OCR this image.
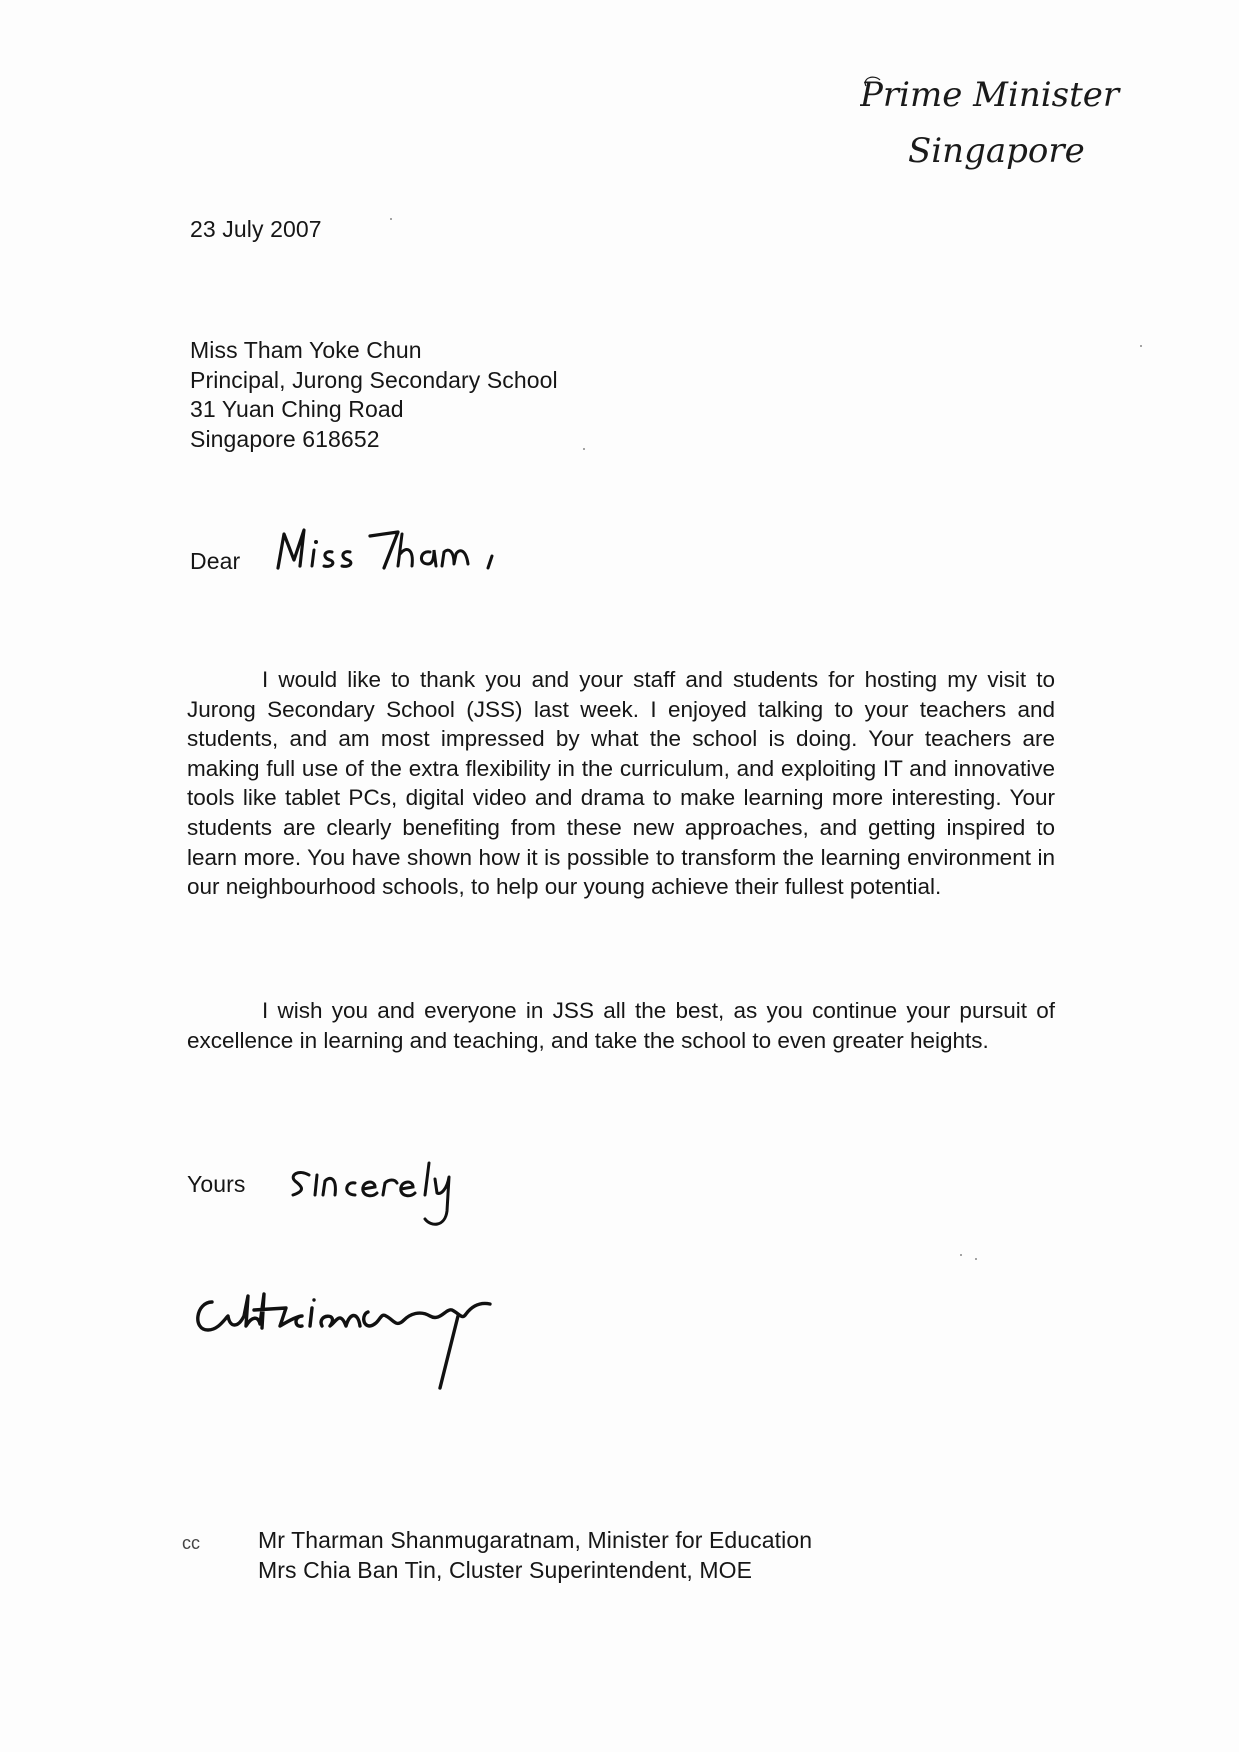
Prime Minister
Singapore
23 July 2007
Miss Tham Yoke Chun
Principal, Jurong Secondary School
31 Yuan Ching Road
Singapore 618652
Dear
I would like to thank you and your staff and students for hosting my visit to Jurong Secondary School (JSS) last week. I enjoyed talking to your teachers and students, and am most impressed by what the school is doing. Your teachers are making full use of the extra flexibility in the curriculum, and exploiting IT and innovative tools like tablet PCs, digital video and drama to make learning more interesting. Your students are clearly benefiting from these new approaches, and getting inspired to learn more. You have shown how it is possible to transform the learning environment in our neighbourhood schools, to help our young achieve their fullest potential.
I wish you and everyone in JSS all the best, as you continue your pursuit of excellence in learning and teaching, and take the school to even greater heights.
Yours
cc	Mr Tharman Shanmugaratnam, Minister for Education
Mrs Chia Ban Tin, Cluster Superintendent, MOE
